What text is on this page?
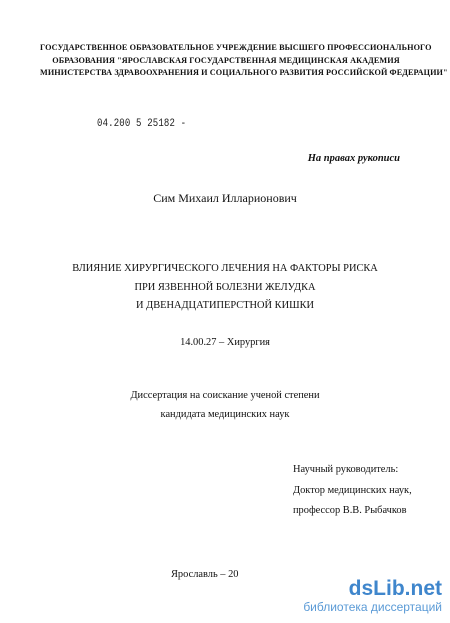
ГОСУДАРСТВЕННОЕ ОБРАЗОВАТЕЛЬНОЕ УЧРЕЖДЕНИЕ ВЫСШЕГО ПРОФЕССИОНАЛЬНОГО
ОБРАЗОВАНИЯ "ЯРОСЛАВСКАЯ ГОСУДАРСТВЕННАЯ МЕДИЦИНСКАЯ АКАДЕМИЯ
МИНИСТЕРСТВА ЗДРАВООХРАНЕНИЯ И СОЦИАЛЬНОГО РАЗВИТИЯ РОССИЙСКОЙ ФЕДЕРАЦИИ"
04.200 5 25182 -
На правах рукописи
Сим Михаил Илларионович
ВЛИЯНИЕ ХИРУРГИЧЕСКОГО ЛЕЧЕНИЯ НА ФАКТОРЫ РИСКА
ПРИ ЯЗВЕННОЙ БОЛЕЗНИ ЖЕЛУДКА
И ДВЕНАДЦАТИПЕРСТНОЙ КИШКИ
14.00.27 – Хирургия
Диссертация на соискание ученой степени
кандидата медицинских наук
Научный руководитель:
Доктор медицинских наук,
профессор В.В. Рыбачков
Ярославль – 20
dsLib.net
библиотека диссертаций
